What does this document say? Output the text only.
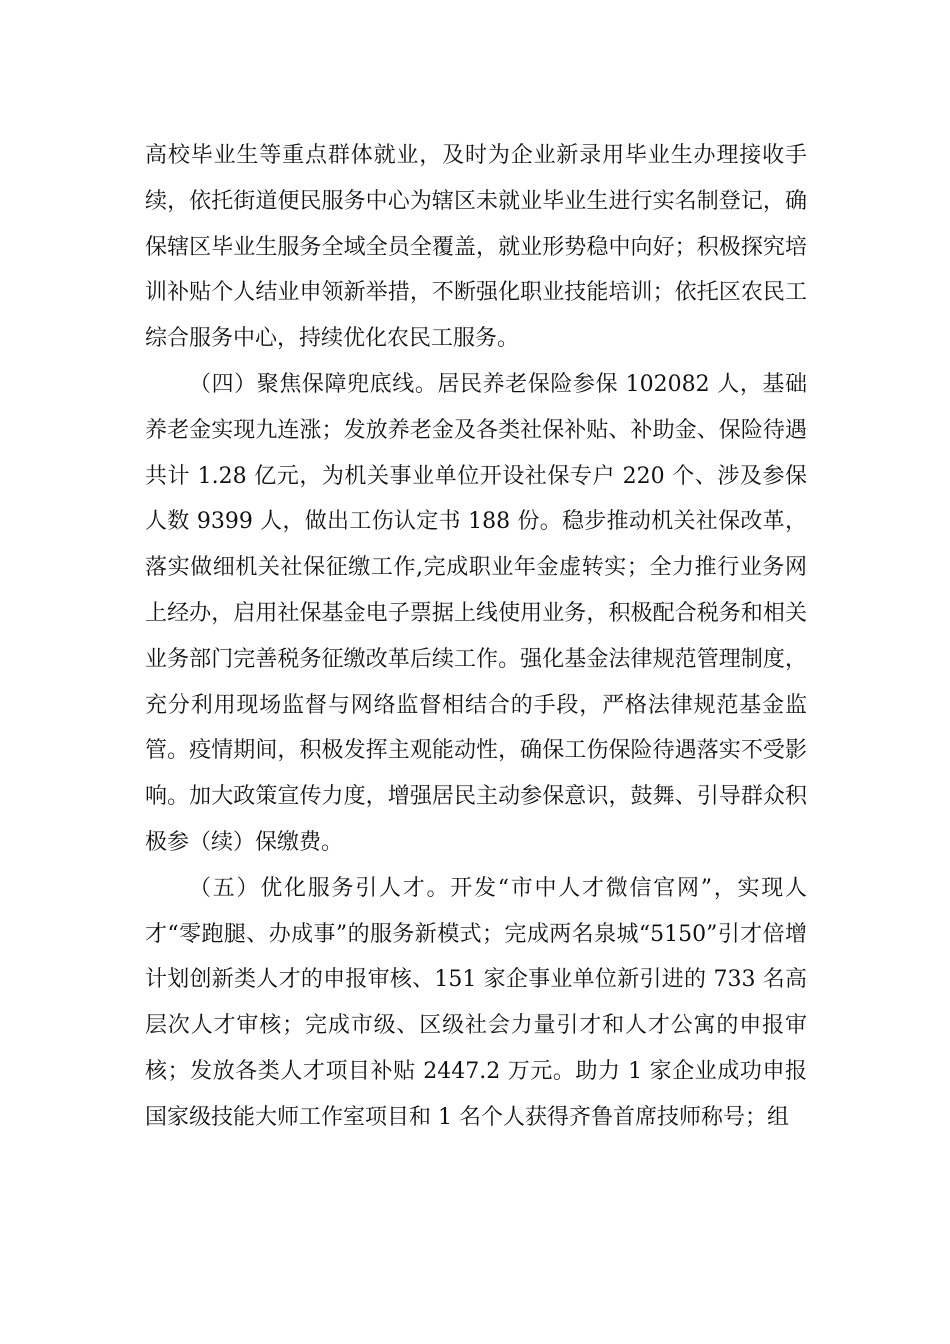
高校毕业生等重点群体就业，及时为企业新录用毕业生办理接收手续，依托街道便民服务中心为辖区未就业毕业生进行实名制登记，确保辖区毕业生服务全域全员全覆盖，就业形势稳中向好；积极探究培训补贴个人结业申领新举措，不断强化职业技能培训；依托区农民工综合服务中心，持续优化农民工服务。

（四）聚焦保障兜底线。居民养老保险参保 102082 人，基础养老金实现九连涨；发放养老金及各类社保补贴、补助金、保险待遇共计 1.28 亿元，为机关事业单位开设社保专户 220 个、涉及参保人数 9399 人，做出工伤认定书 188 份。稳步推动机关社保改革，落实做细机关社保征缴工作,完成职业年金虚转实；全力推行业务网上经办，启用社保基金电子票据上线使用业务，积极配合税务和相关业务部门完善税务征缴改革后续工作。强化基金法律规范管理制度，充分利用现场监督与网络监督相结合的手段，严格法律规范基金监管。疫情期间，积极发挥主观能动性，确保工伤保险待遇落实不受影响。加大政策宣传力度，增强居民主动参保意识，鼓舞、引导群众积极参（续）保缴费。

（五）优化服务引人才。开发“市中人才微信官网”，实现人才“零跑腿、办成事”的服务新模式；完成两名泉城“5150”引才倍增计划创新类人才的申报审核、151 家企事业单位新引进的 733 名高层次人才审核；完成市级、区级社会力量引才和人才公寓的申报审核；发放各类人才项目补贴 2447.2 万元。助力 1 家企业成功申报国家级技能大师工作室项目和 1 名个人获得齐鲁首席技师称号；组
